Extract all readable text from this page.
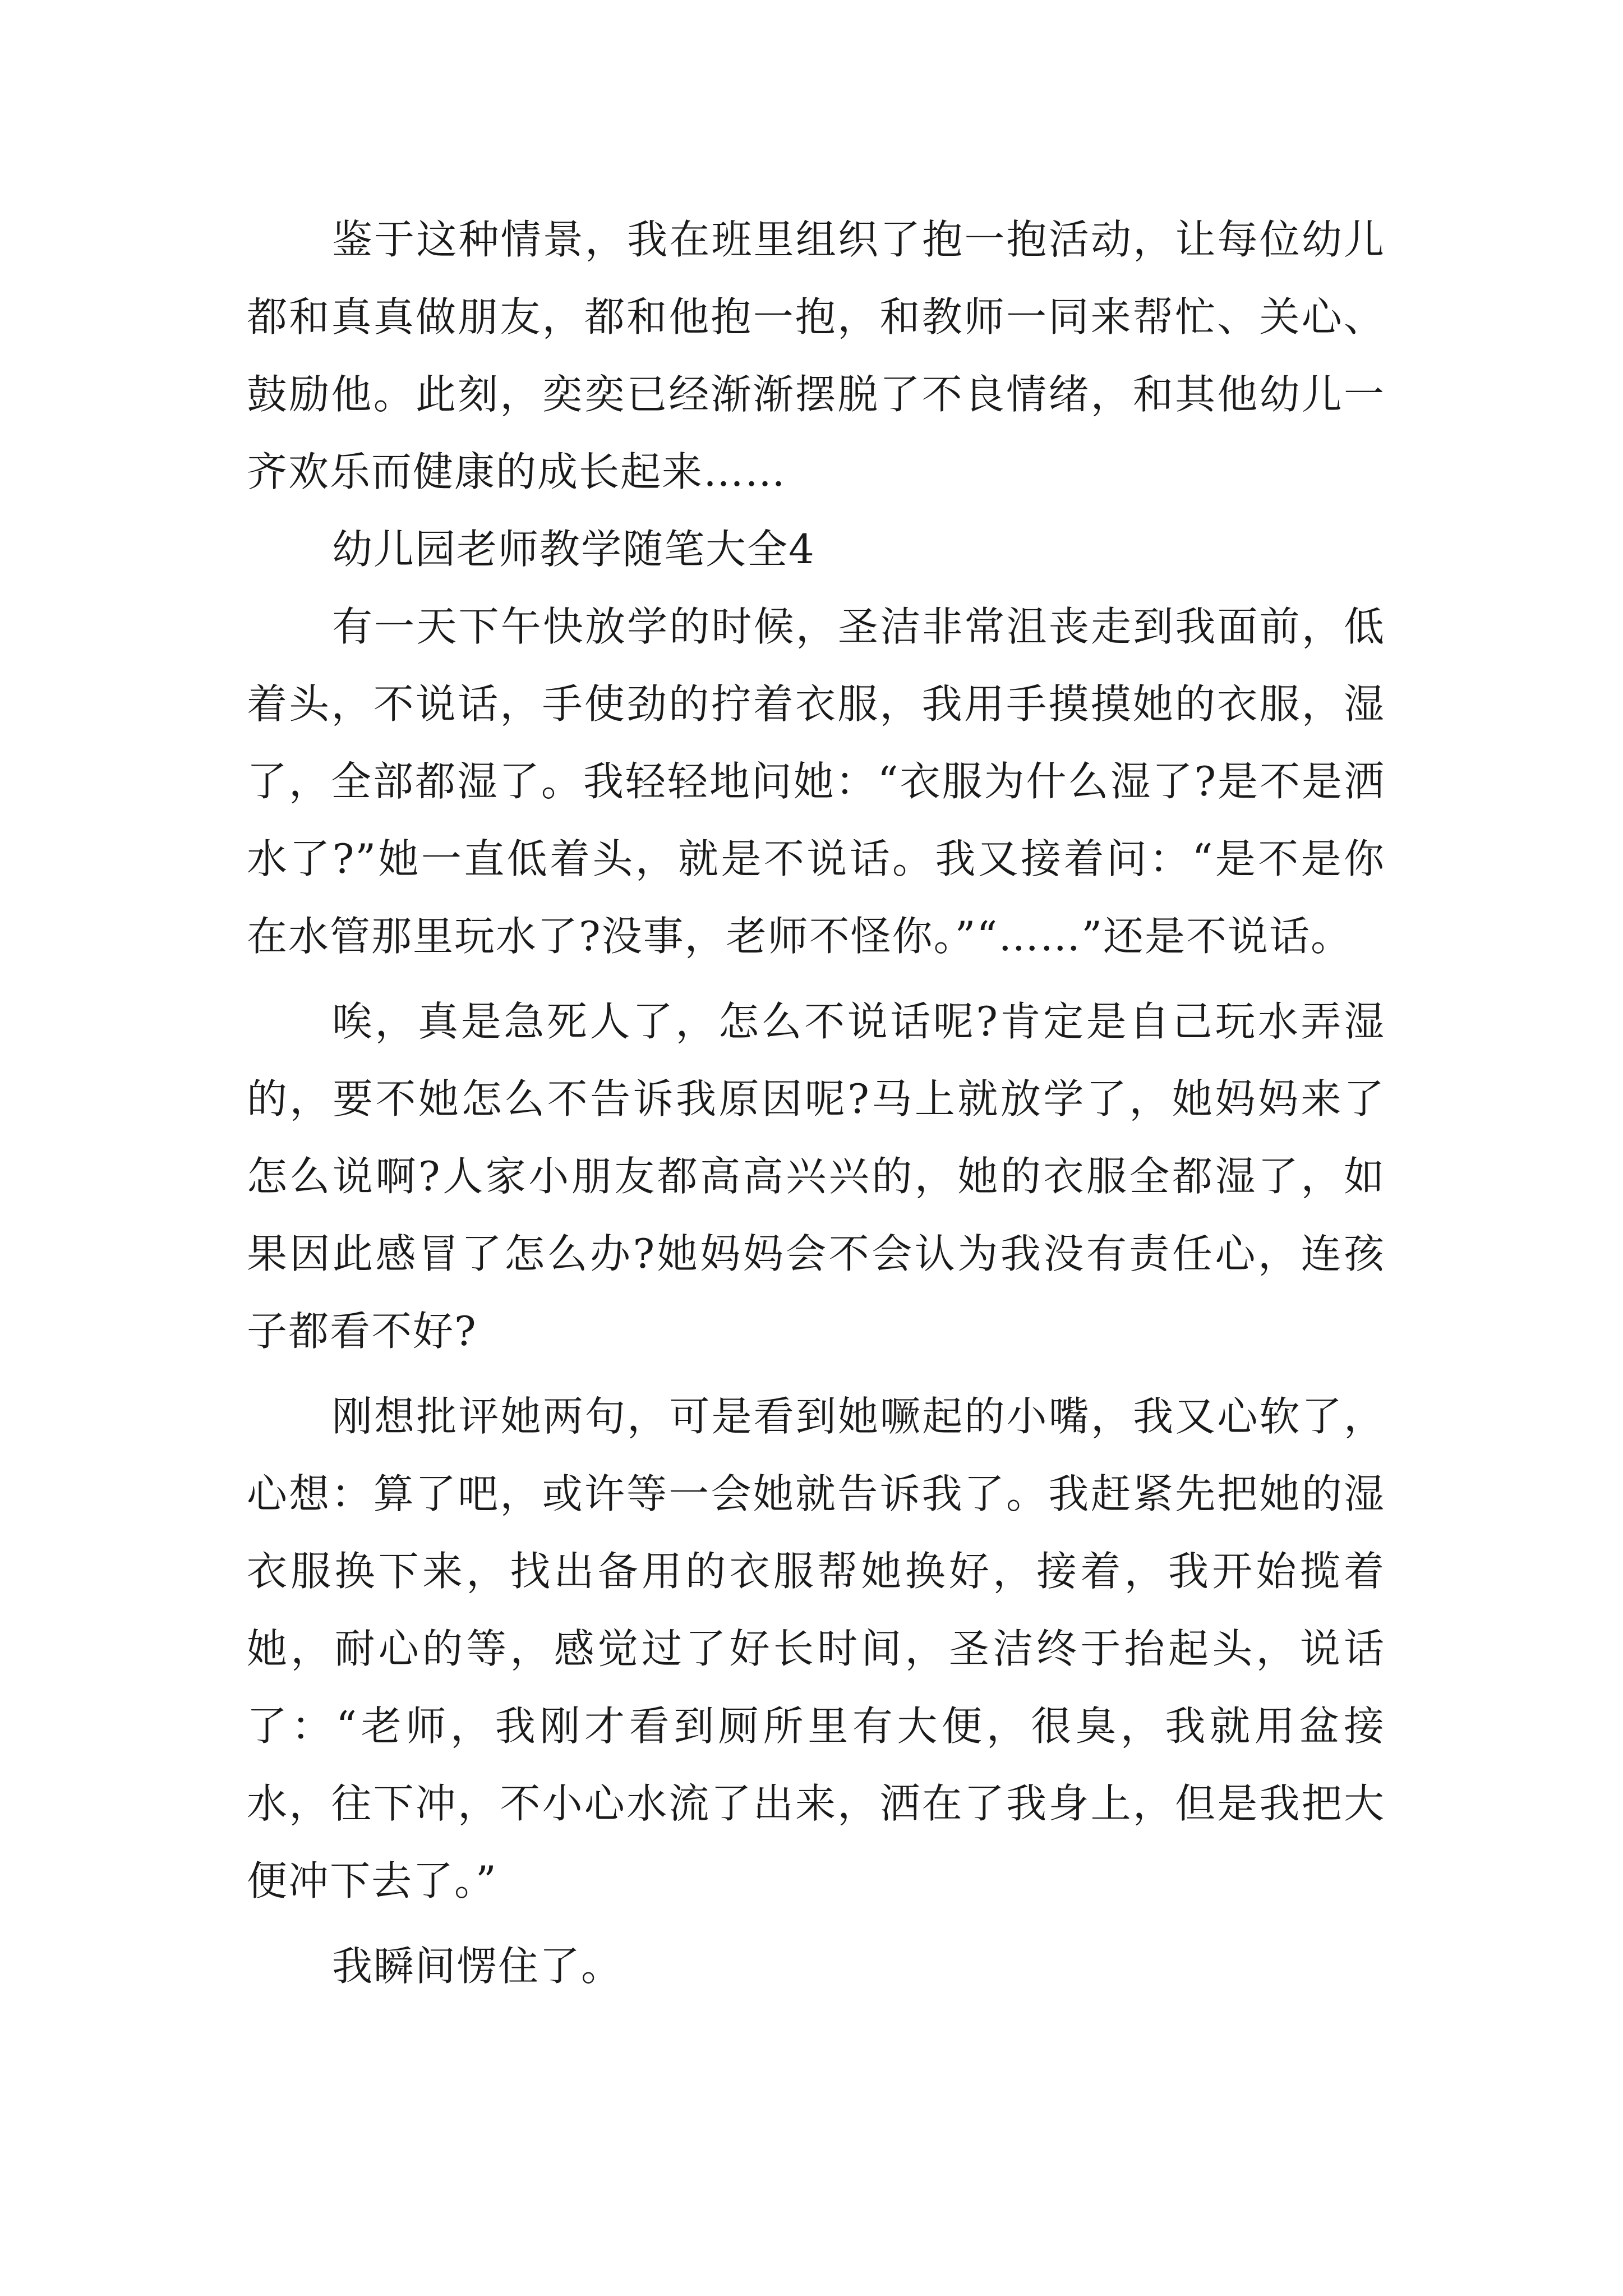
鉴于这种情景，我在班里组织了抱一抱活动，让每位幼儿都和真真做朋友，都和他抱一抱，和教师一同来帮忙、关心、鼓励他。此刻，奕奕已经渐渐摆脱了不良情绪，和其他幼儿一齐欢乐而健康的成长起来……

幼儿园老师教学随笔大全4

有一天下午快放学的时候，圣洁非常沮丧走到我面前，低着头，不说话，手使劲的拧着衣服，我用手摸摸她的衣服，湿了，全部都湿了。我轻轻地问她：“衣服为什么湿了?是不是洒水了?”她一直低着头，就是不说话。我又接着问：“是不是你在水管那里玩水了?没事，老师不怪你。”“……”还是不说话。

唉，真是急死人了，怎么不说话呢?肯定是自己玩水弄湿的，要不她怎么不告诉我原因呢?马上就放学了，她妈妈来了怎么说啊?人家小朋友都高高兴兴的，她的衣服全都湿了，如果因此感冒了怎么办?她妈妈会不会认为我没有责任心，连孩子都看不好?

刚想批评她两句，可是看到她噘起的小嘴，我又心软了，心想：算了吧，或许等一会她就告诉我了。我赶紧先把她的湿衣服换下来，找出备用的衣服帮她换好，接着，我开始揽着她，耐心的等，感觉过了好长时间，圣洁终于抬起头，说话了：“老师，我刚才看到厕所里有大便，很臭，我就用盆接水，往下冲，不小心水流了出来，洒在了我身上，但是我把大便冲下去了。”

我瞬间愣住了。
